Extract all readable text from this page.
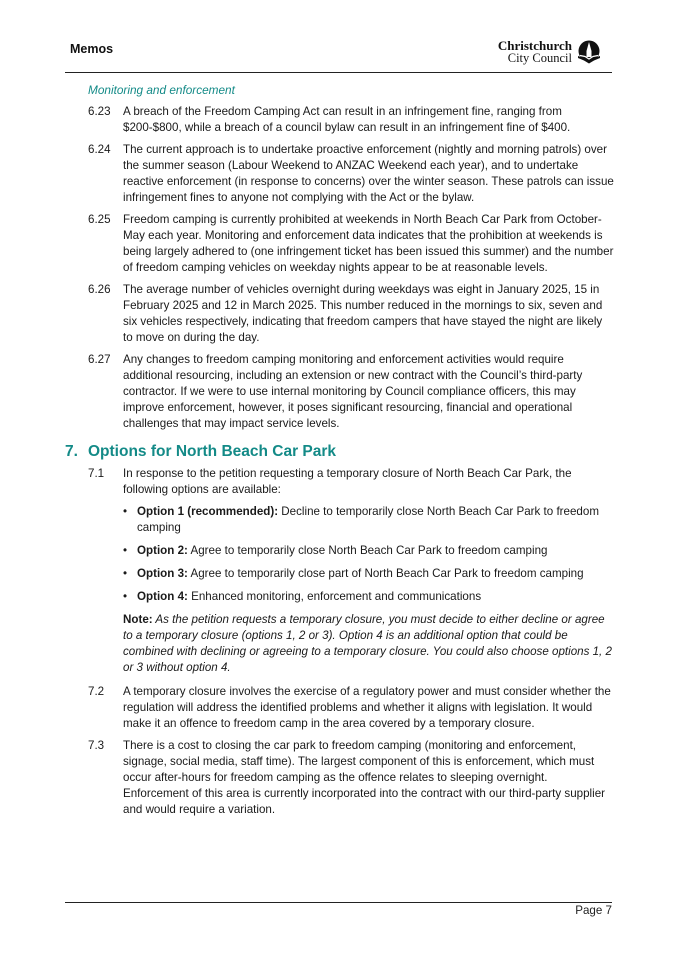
Memos	Christchurch
City Council
Monitoring and enforcement
6.23	A breach of the Freedom Camping Act can result in an infringement fine, ranging from $200-$800, while a breach of a council bylaw can result in an infringement fine of $400.
6.24	The current approach is to undertake proactive enforcement (nightly and morning patrols) over the summer season (Labour Weekend to ANZAC Weekend each year), and to undertake reactive enforcement (in response to concerns) over the winter season. These patrols can issue infringement fines to anyone not complying with the Act or the bylaw.
6.25	Freedom camping is currently prohibited at weekends in North Beach Car Park from October-May each year. Monitoring and enforcement data indicates that the prohibition at weekends is being largely adhered to (one infringement ticket has been issued this summer) and the number of freedom camping vehicles on weekday nights appear to be at reasonable levels.
6.26	The average number of vehicles overnight during weekdays was eight in January 2025, 15 in February 2025 and 12 in March 2025. This number reduced in the mornings to six, seven and six vehicles respectively, indicating that freedom campers that have stayed the night are likely to move on during the day.
6.27	Any changes to freedom camping monitoring and enforcement activities would require additional resourcing, including an extension or new contract with the Council’s third-party contractor. If we were to use internal monitoring by Council compliance officers, this may improve enforcement, however, it poses significant resourcing, financial and operational challenges that may impact service levels.
7. Options for North Beach Car Park
7.1	In response to the petition requesting a temporary closure of North Beach Car Park, the following options are available:
• Option 1 (recommended): Decline to temporarily close North Beach Car Park to freedom camping
• Option 2: Agree to temporarily close North Beach Car Park to freedom camping
• Option 3: Agree to temporarily close part of North Beach Car Park to freedom camping
• Option 4: Enhanced monitoring, enforcement and communications
Note: As the petition requests a temporary closure, you must decide to either decline or agree to a temporary closure (options 1, 2 or 3). Option 4 is an additional option that could be combined with declining or agreeing to a temporary closure. You could also choose options 1, 2 or 3 without option 4.
7.2	A temporary closure involves the exercise of a regulatory power and must consider whether the regulation will address the identified problems and whether it aligns with legislation. It would make it an offence to freedom camp in the area covered by a temporary closure.
7.3	There is a cost to closing the car park to freedom camping (monitoring and enforcement, signage, social media, staff time). The largest component of this is enforcement, which must occur after-hours for freedom camping as the offence relates to sleeping overnight. Enforcement of this area is currently incorporated into the contract with our third-party supplier and would require a variation.
Page 7
